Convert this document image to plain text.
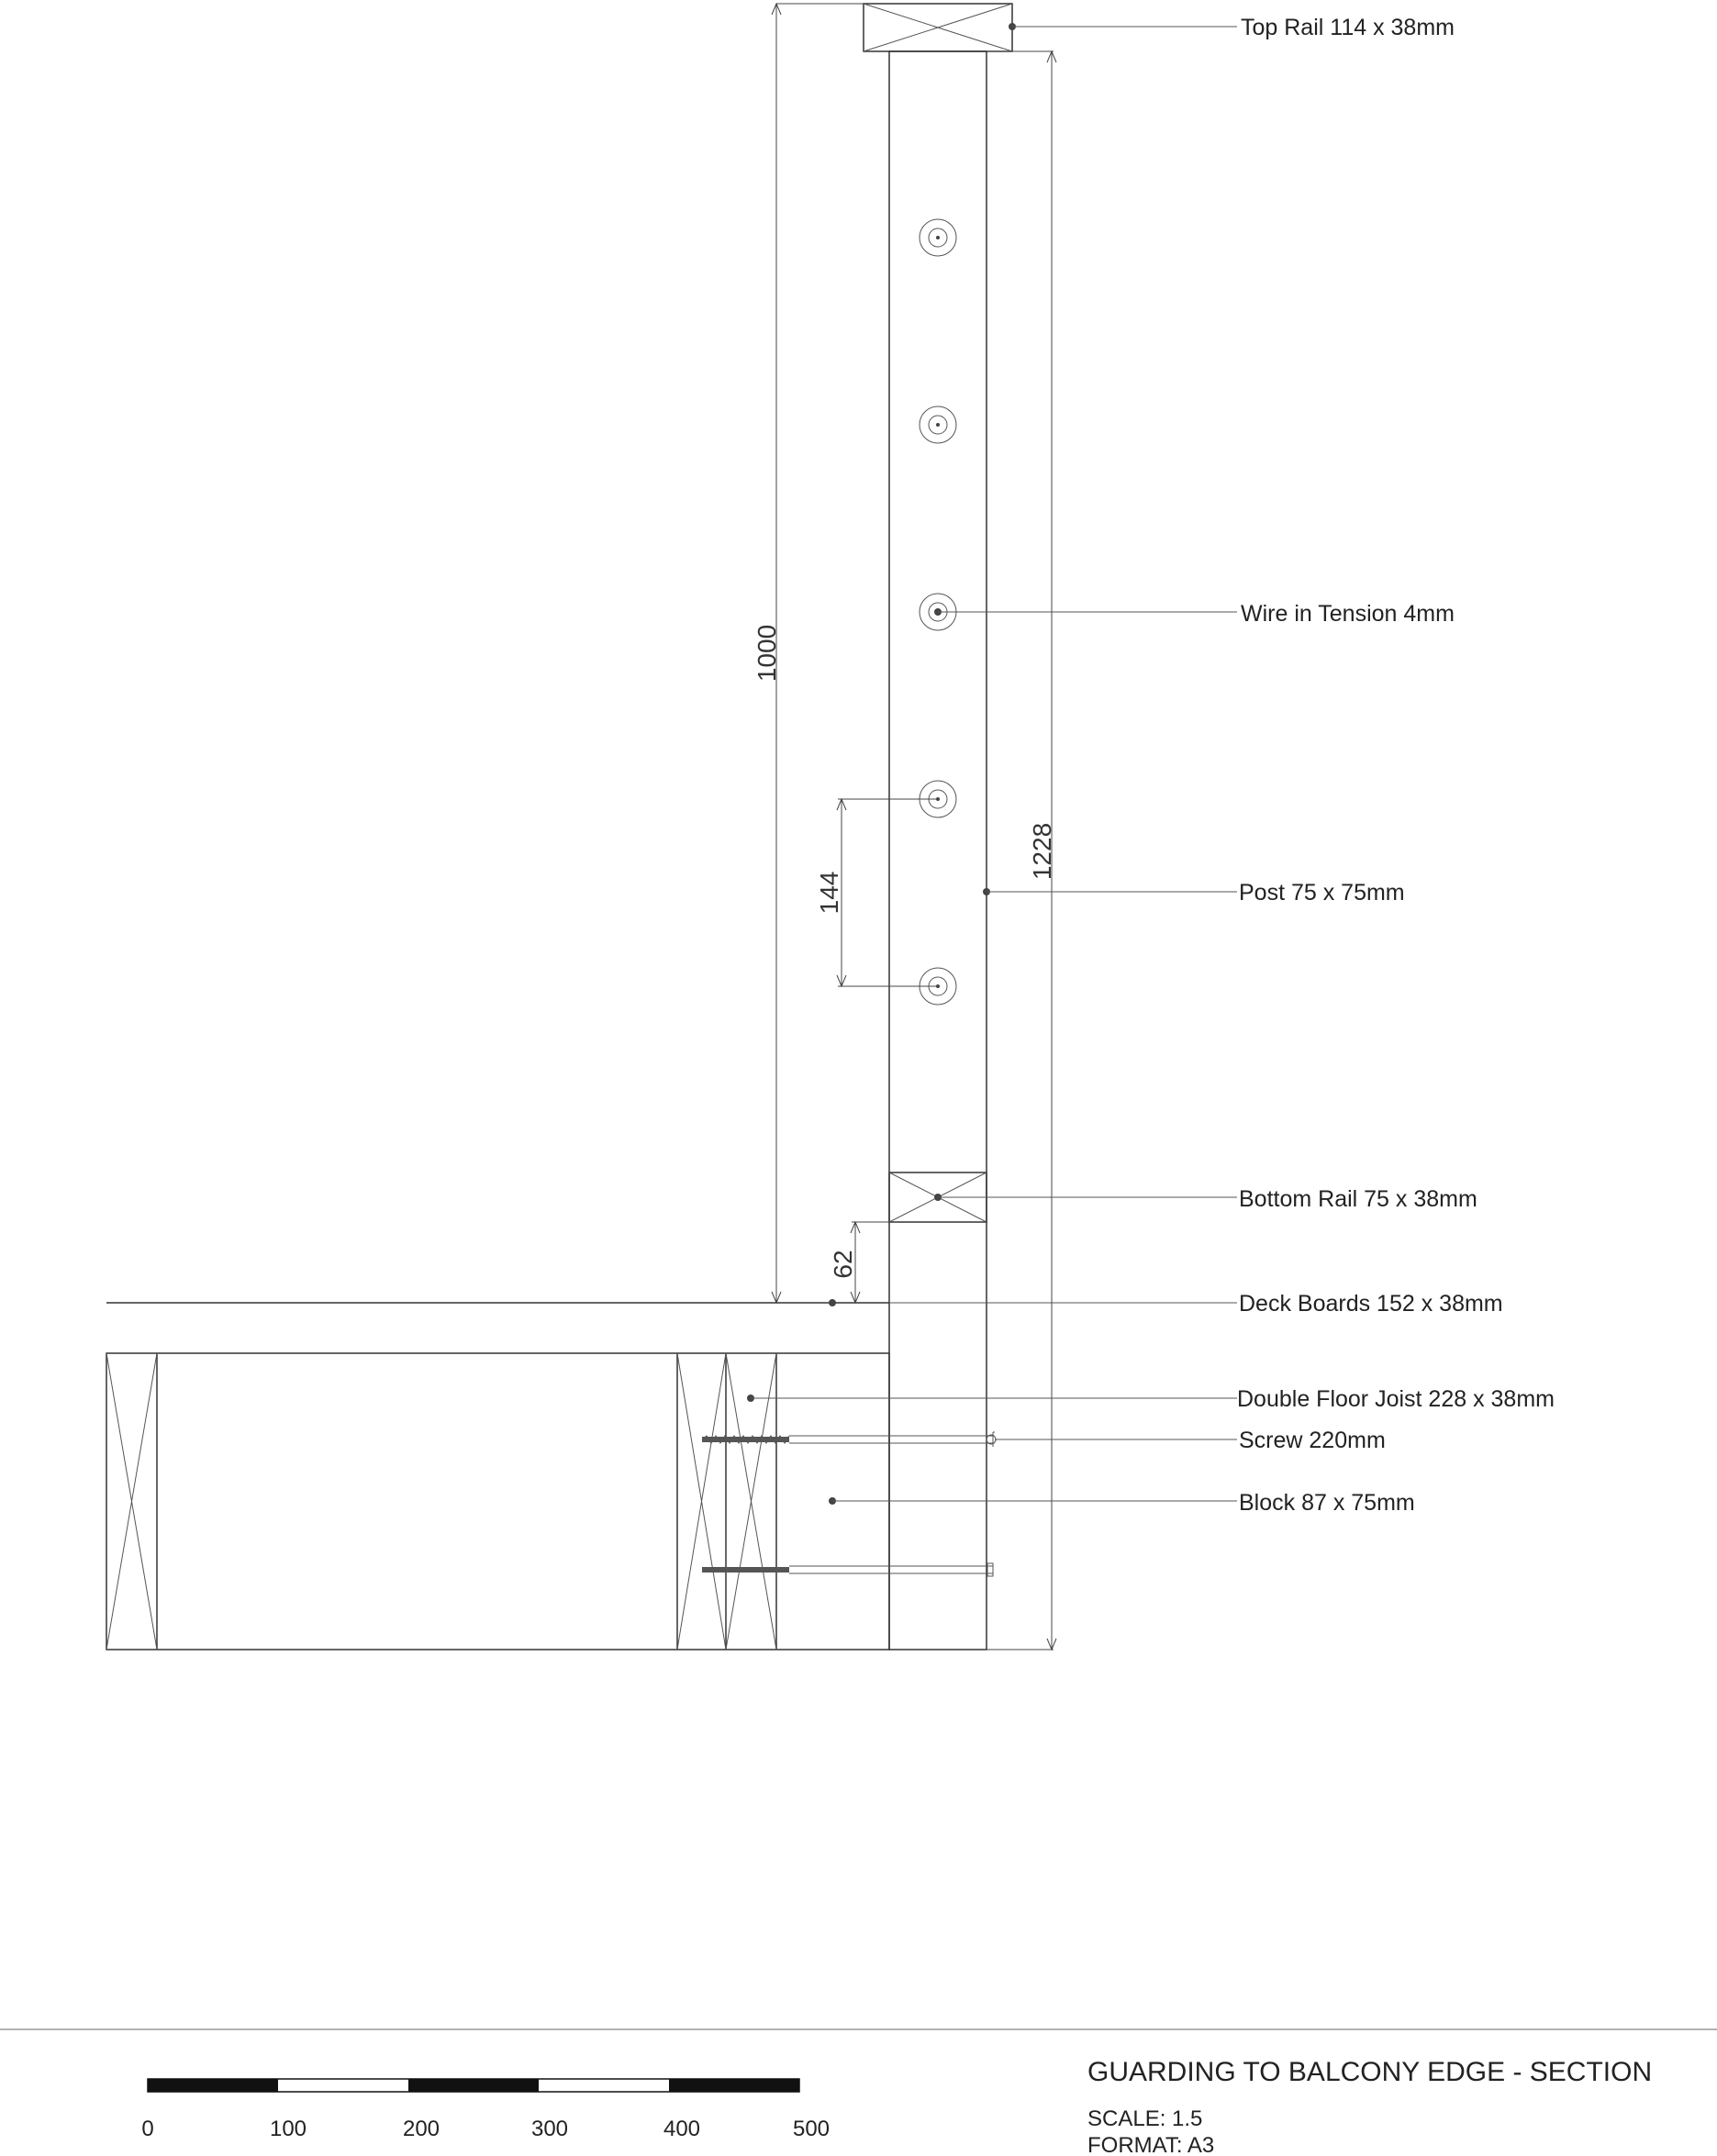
1000
1228
144
62
Top Rail 114 x 38mm
Wire in Tension 4mm
Post 75 x 75mm
Bottom Rail 75 x 38mm
Deck Boards 152 x 38mm
Double Floor Joist 228 x 38mm
Screw 220mm
Block 87 x 75mm
0	100	200	300	400	500
GUARDING TO BALCONY EDGE - SECTION
SCALE: 1.5
FORMAT: A3
